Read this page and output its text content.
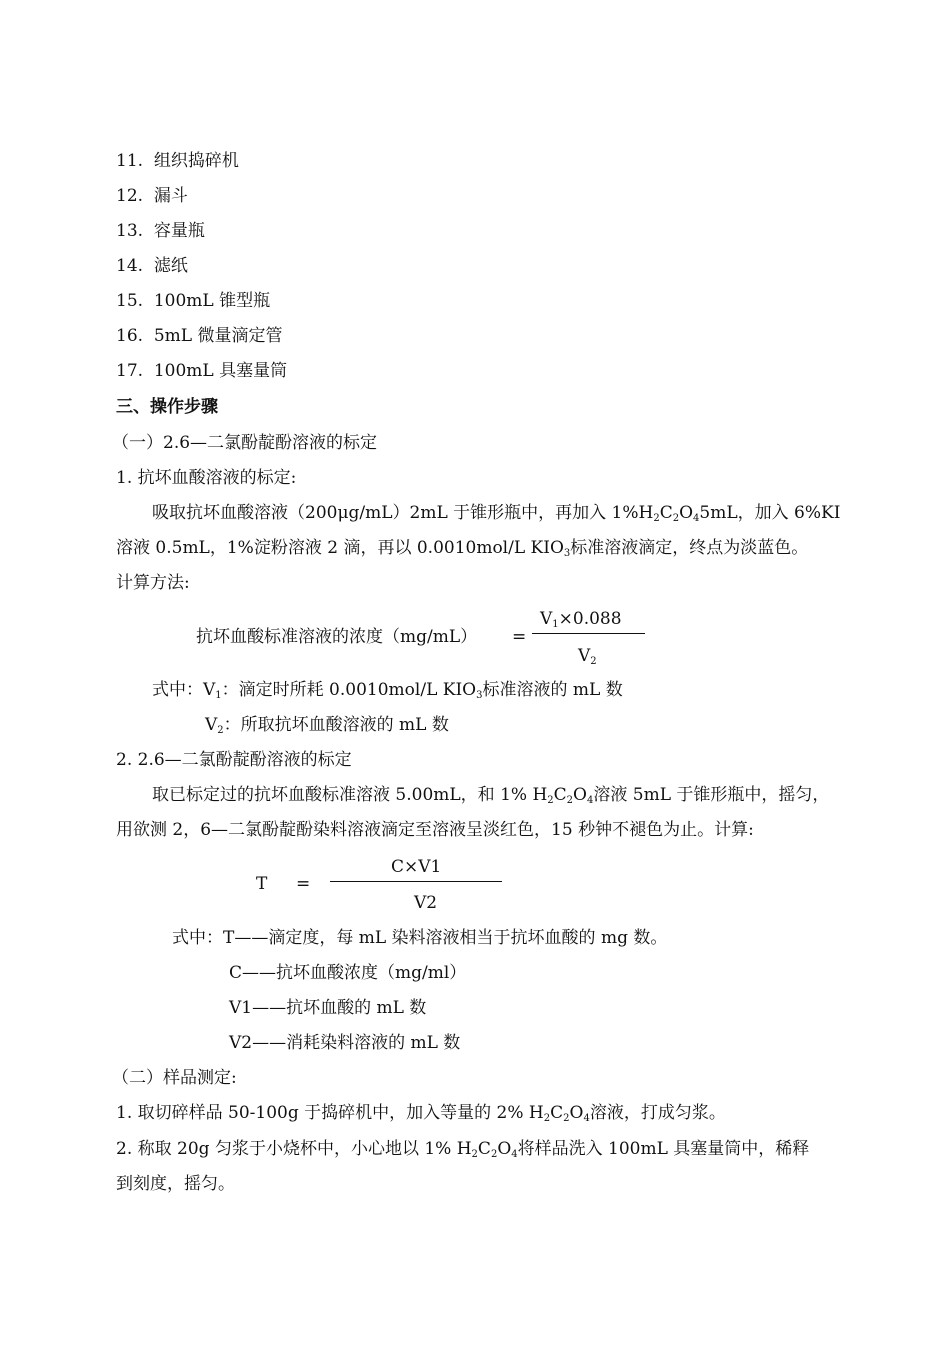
11. 组织捣碎机
12. 漏斗
13. 容量瓶
14. 滤纸
15. 100mL 锥型瓶
16. 5mL 微量滴定管
17. 100mL 具塞量筒
三、操作步骤
（一）2.6—二氯酚靛酚溶液的标定
1. 抗坏血酸溶液的标定:
吸取抗坏血酸溶液（200μg/mL）2mL 于锥形瓶中，再加入 $1\%H_2C_2O_45mL$，加入 6%KI
溶液 0.5mL，1%淀粉溶液 2 滴，再以 0.0010mol/L $KIO_3$标准溶液滴定，终点为淡蓝色。
计算方法:
抗坏血酸标准溶液的浓度（mg/mL） =
$V_1\times 0.088$
$V_2$
式中：$V_1$：滴定时所耗 0.0010mol/L $KIO_3$标准溶液的 mL 数
$V_2$：所取抗坏血酸溶液的 mL 数
2. 2.6—二氯酚靛酚溶液的标定
取已标定过的抗坏血酸标准溶液 5.00mL，和 1% $H_2C_2O_4$溶液 5mL 于锥形瓶中，摇匀，
用欲测 2，6—二氯酚靛酚染料溶液滴定至溶液呈淡红色，15 秒钟不褪色为止。计算:
T =
C×V1
V2
式中：T——滴定度，每 mL 染料溶液相当于抗坏血酸的 mg 数。
C——抗坏血酸浓度（mg/ml）
V1——抗坏血酸的 mL 数
V2——消耗染料溶液的 mL 数
（二）样品测定:
1. 取切碎样品 50-100g 于捣碎机中，加入等量的 2% $H_2C_2O_4$溶液，打成匀浆。
2. 称取 20g 匀浆于小烧杯中，小心地以 1% $H_2C_2O_4$将样品洗入 100mL 具塞量筒中，稀释
到刻度，摇匀。
